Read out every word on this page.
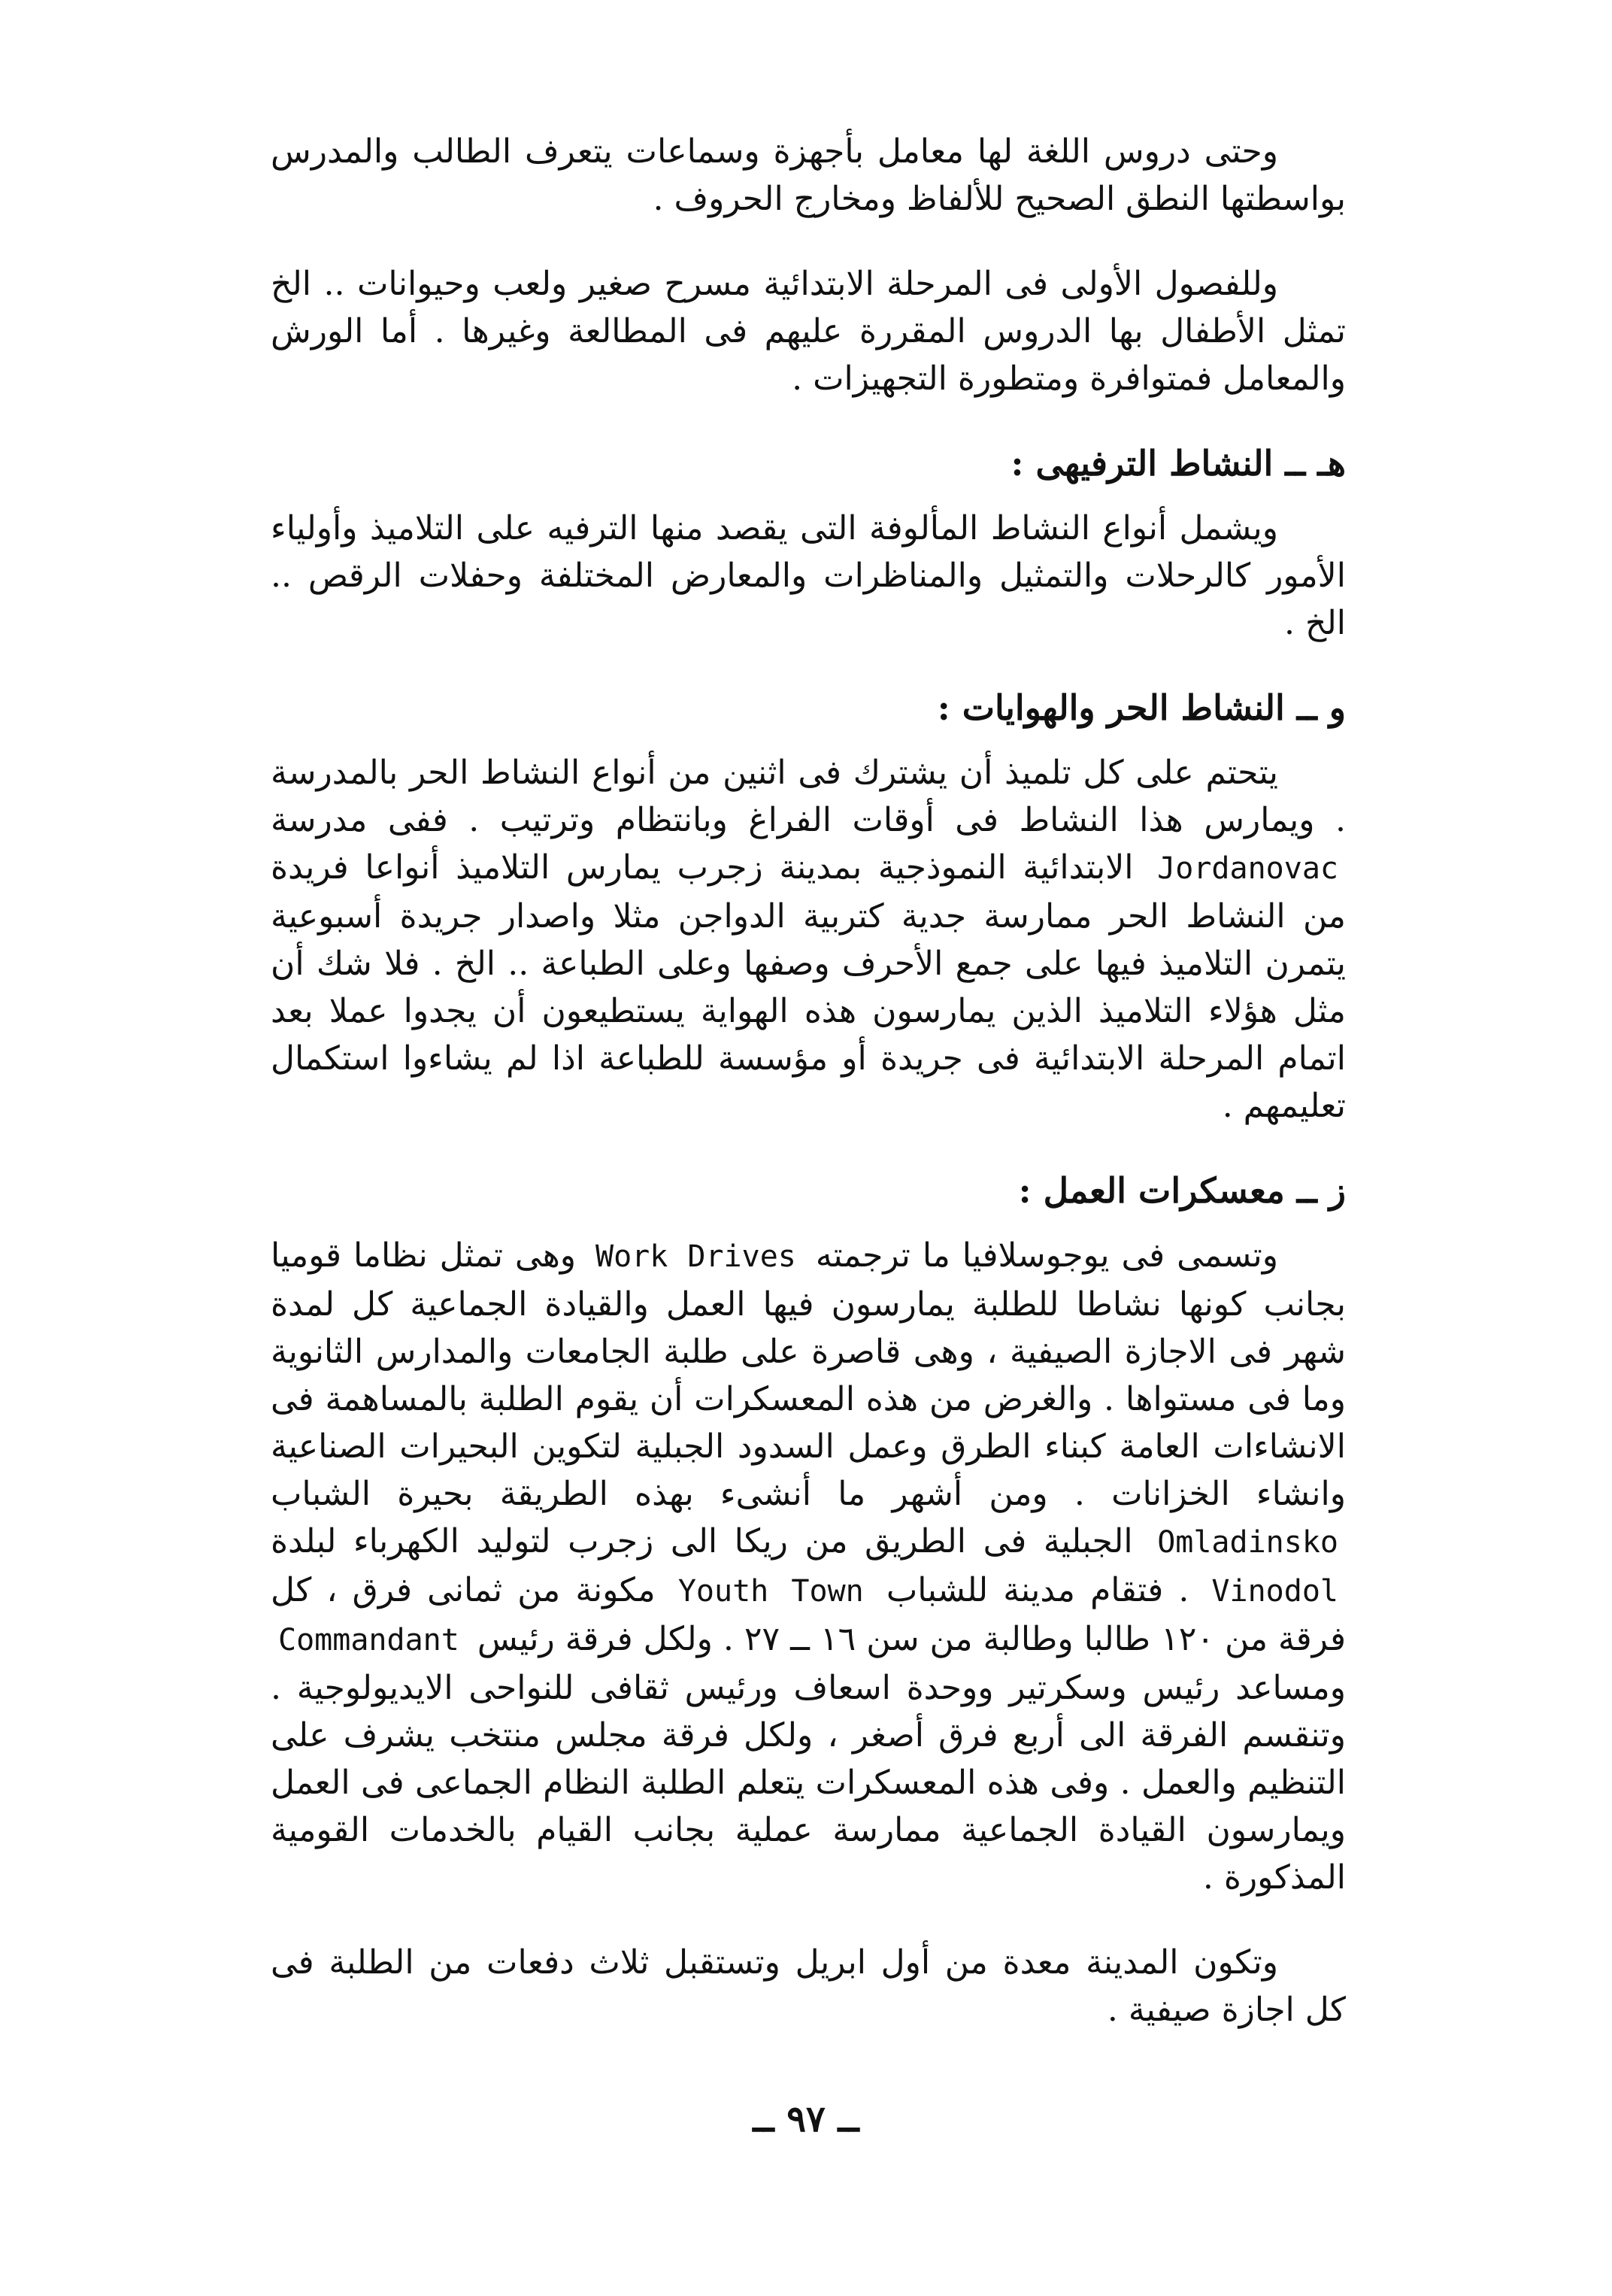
وحتى دروس اللغة لها معامل بأجهزة وسماعات يتعرف الطالب والمدرس بواسطتها النطق الصحيح للألفاظ ومخارج الحروف .

وللفصول الأولى فى المرحلة الابتدائية مسرح صغير ولعب وحيوانات .. الخ تمثل الأطفال بها الدروس المقررة عليهم فى المطالعة وغيرها . أما الورش والمعامل فمتوافرة ومتطورة التجهيزات .

هـ ــ النشاط الترفيهى :

ويشمل أنواع النشاط المألوفة التى يقصد منها الترفيه على التلاميذ وأولياء الأمور كالرحلات والتمثيل والمناظرات والمعارض المختلفة وحفلات الرقص .. الخ .

و ــ النشاط الحر والهوايات :

يتحتم على كل تلميذ أن يشترك فى اثنين من أنواع النشاط الحر بالمدرسة . ويمارس هذا النشاط فى أوقات الفراغ وبانتظام وترتيب . ففى مدرسة Jordanovac الابتدائية النموذجية بمدينة زجرب يمارس التلاميذ أنواعا فريدة من النشاط الحر ممارسة جدية كتربية الدواجن مثلا واصدار جريدة أسبوعية يتمرن التلاميذ فيها على جمع الأحرف وصفها وعلى الطباعة .. الخ . فلا شك أن مثل هؤلاء التلاميذ الذين يمارسون هذه الهواية يستطيعون أن يجدوا عملا بعد اتمام المرحلة الابتدائية فى جريدة أو مؤسسة للطباعة اذا لم يشاءوا استكمال تعليمهم .

ز ــ معسكرات العمل :

وتسمى فى يوجوسلافيا ما ترجمته Work Drives وهى تمثل نظاما قوميا بجانب كونها نشاطا للطلبة يمارسون فيها العمل والقيادة الجماعية كل لمدة شهر فى الاجازة الصيفية ، وهى قاصرة على طلبة الجامعات والمدارس الثانوية وما فى مستواها . والغرض من هذه المعسكرات أن يقوم الطلبة بالمساهمة فى الانشاءات العامة كبناء الطرق وعمل السدود الجبلية لتكوين البحيرات الصناعية وانشاء الخزانات . ومن أشهر ما أنشىء بهذه الطريقة بحيرة الشباب Omladinsko الجبلية فى الطريق من ريكا الى زجرب لتوليد الكهرباء لبلدة Vinodol . فتقام مدينة للشباب Youth Town مكونة من ثمانى فرق ، كل فرقة من ١٢٠ طالبا وطالبة من سن ١٦ ــ ٢٧ . ولكل فرقة رئيس Commandant ومساعد رئيس وسكرتير ووحدة اسعاف ورئيس ثقافى للنواحى الايديولوجية . وتنقسم الفرقة الى أربع فرق أصغر ، ولكل فرقة مجلس منتخب يشرف على التنظيم والعمل . وفى هذه المعسكرات يتعلم الطلبة النظام الجماعى فى العمل ويمارسون القيادة الجماعية ممارسة عملية بجانب القيام بالخدمات القومية المذكورة .

وتكون المدينة معدة من أول ابريل وتستقبل ثلاث دفعات من الطلبة فى كل اجازة صيفية .

ــ ٩٧ ــ
